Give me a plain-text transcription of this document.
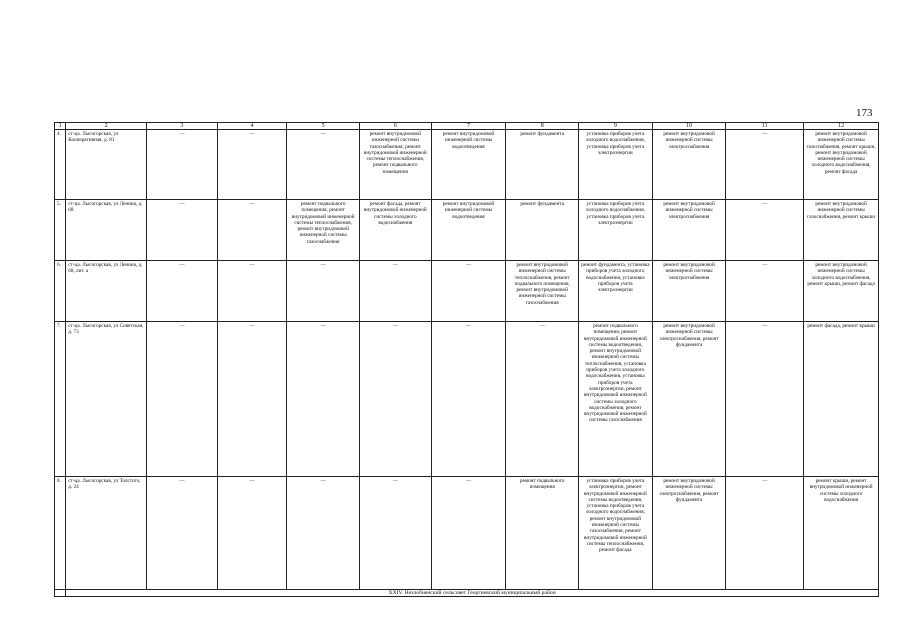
173
1	2	3	4	5	6	7	8	9	10	11	12
4.	ст-ца. Лысогорская, ул Кооперативная, д. 81	—	—	—	ремонт внутридомовой инженерной системы газоснабжения, ремонт внутридомовой инженерной системы теплоснабжения, ремонт подвального помещения	ремонт внутридомовой инженерной системы водоотведения	ремонт фундамента	установка приборов учета холодного водоснабжения, установка приборов учета электроэнергии	ремонт внутридомовой инженерной системы электроснабжения	—	ремонт внутридомовой инженерной системы газоснабжения, ремонт крыши, ремонт внутридомовой инженерной системы холодного водоснабжения, ремонт фасада
5.	ст-ца. Лысогорская, ул Ленина, д. 68	—	—	ремонт подвального помещения, ремонт внутридомовой инженерной системы теплоснабжения, ремонт внутридомовой инженерной системы газоснабжения	ремонт фасада, ремонт внутридомовой инженерной системы холодного водоснабжения	ремонт внутридомовой инженерной системы водоотведения	ремонт фундамента	установка приборов учета холодного водоснабжения, установка приборов учета электроэнергии	ремонт внутридомовой инженерной системы электроснабжения	—	ремонт внутридомовой инженерной системы газоснабжения, ремонт крыши
6.	ст-ца. Лысогорская, ул Ленина, д. 68, лит. а	—	—	—	—	—	ремонт внутридомовой инженерной системы теплоснабжения, ремонт подвального помещения, ремонт внутридомовой инженерной системы газоснабжения	ремонт фундамента, установка приборов учета холодного водоснабжения, установка приборов учета электроэнергии	ремонт внутридомовой инженерной системы электроснабжения	—	ремонт внутридомовой инженерной системы холодного водоснабжения, ремонт крыши, ремонт фасада
7.	ст-ца. Лысогорская, ул Советская, д. 73	—	—	—	—	—	—	ремонт подвального помещения, ремонт внутридомовой инженерной системы водоотведения, ремонт внутридомовой инженерной системы теплоснабжения, установка приборов учета холодного водоснабжения, установка приборов учета электроэнергии, ремонт внутридомовой инженерной системы холодного водоснабжения, ремонт внутридомовой инженерной системы газоснабжения	ремонт внутридомовой инженерной системы электроснабжения, ремонт фундамента	—	ремонт фасада, ремонт крыши
8.	ст-ца. Лысогорская, ул Толстого, д. 24	—	—	—	—	—	ремонт подвального помещения	установка приборов учета электроэнергии, ремонт внутридомовой инженерной системы водоотведения, установка приборов учета холодного водоснабжения, ремонт внутридомовой инженерной системы газоснабжения, ремонт внутридомовой инженерной системы теплоснабжения, ремонт фасада	ремонт внутридомовой инженерной системы электроснабжения, ремонт фундамента	—	ремонт крыши, ремонт внутридомовой инженерной системы холодного водоснабжения
	XXIV. Незлобненский сельсовет Георгиевский муниципальный район										
